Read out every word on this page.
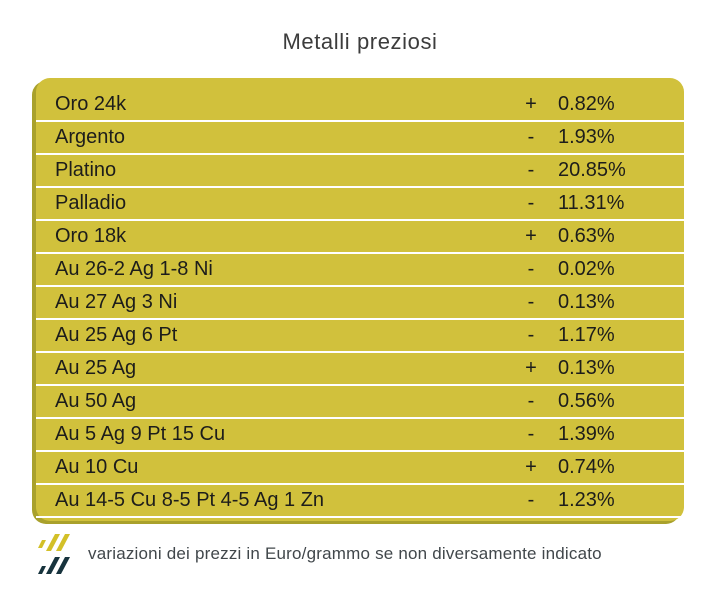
Metalli preziosi
Oro 24k	+	0.82%
Argento	-	1.93%
Platino	-	20.85%
Palladio	-	11.31%
Oro 18k	+	0.63%
Au 26-2 Ag 1-8 Ni	-	0.02%
Au 27 Ag 3 Ni	-	0.13%
Au 25 Ag 6 Pt	-	1.17%
Au 25 Ag	+	0.13%
Au 50 Ag	-	0.56%
Au 5 Ag 9 Pt 15 Cu	-	1.39%
Au 10 Cu	+	0.74%
Au 14-5 Cu 8-5 Pt 4-5 Ag 1 Zn	-	1.23%
variazioni dei prezzi in Euro/grammo se non diversamente indicato
